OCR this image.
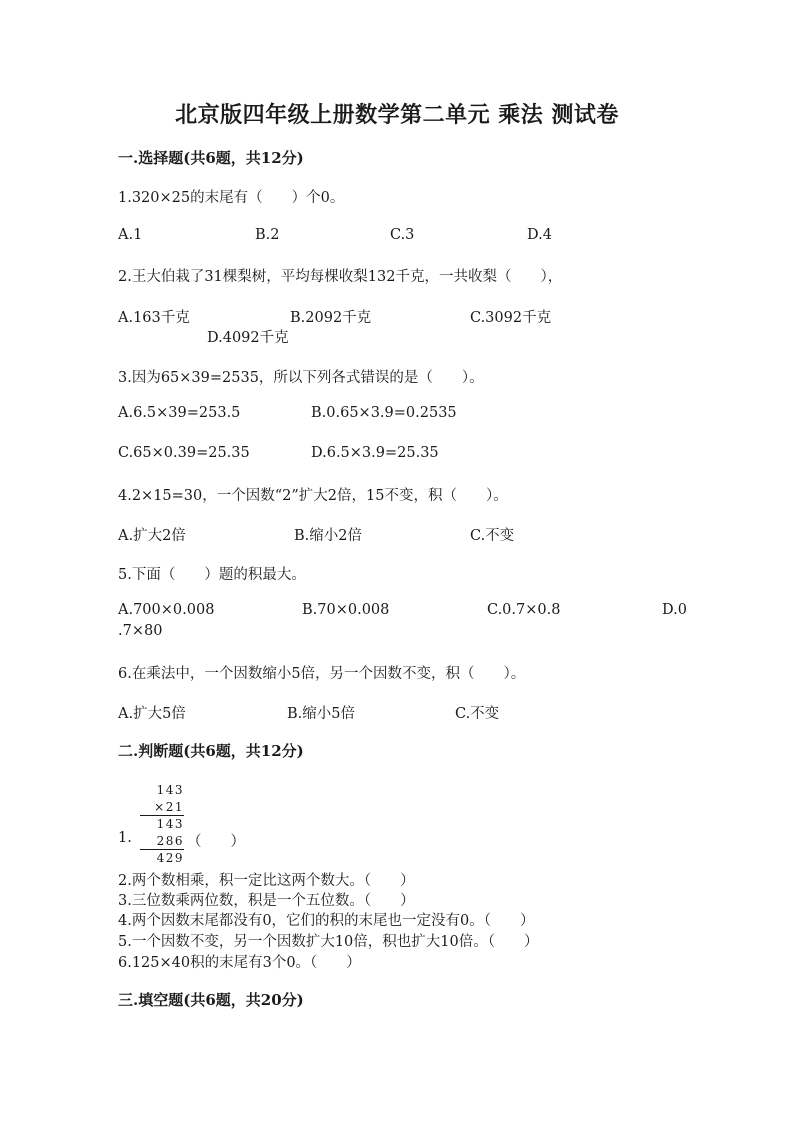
北京版四年级上册数学第二单元 乘法 测试卷
一.选择题(共6题，共12分)
1.320×25的末尾有（　　）个0。
A.1	B.2	C.3	D.4
2.王大伯栽了31棵梨树，平均每棵收梨132千克，一共收梨（　　），
A.163千克	B.2092千克	C.3092千克
D.4092千克
3.因为65×39=2535，所以下列各式错误的是（　　）。
A.6.5×39=253.5	B.0.65×3.9=0.2535
C.65×0.39=25.35	D.6.5×3.9=25.35
4.2×15=30，一个因数“2”扩大2倍，15不变，积（　　）。
A.扩大2倍	B.缩小2倍	C.不变
5.下面（　　）题的积最大。
A.700×0.008	B.70×0.008	C.0.7×0.8	D.0
.7×80
6.在乘法中，一个因数缩小5倍，另一个因数不变，积（　　）。
A.扩大5倍	B.缩小5倍	C.不变
二.判断题(共6题，共12分)
143
×21
143
286
429
1.	（　　）
2.两个数相乘，积一定比这两个数大。（　　）
3.三位数乘两位数，积是一个五位数。（　　）
4.两个因数末尾都没有0，它们的积的末尾也一定没有0。（　　）
5.一个因数不变，另一个因数扩大10倍，积也扩大10倍。（　　）
6.125×40积的末尾有3个0。（　　）
三.填空题(共6题，共20分)
